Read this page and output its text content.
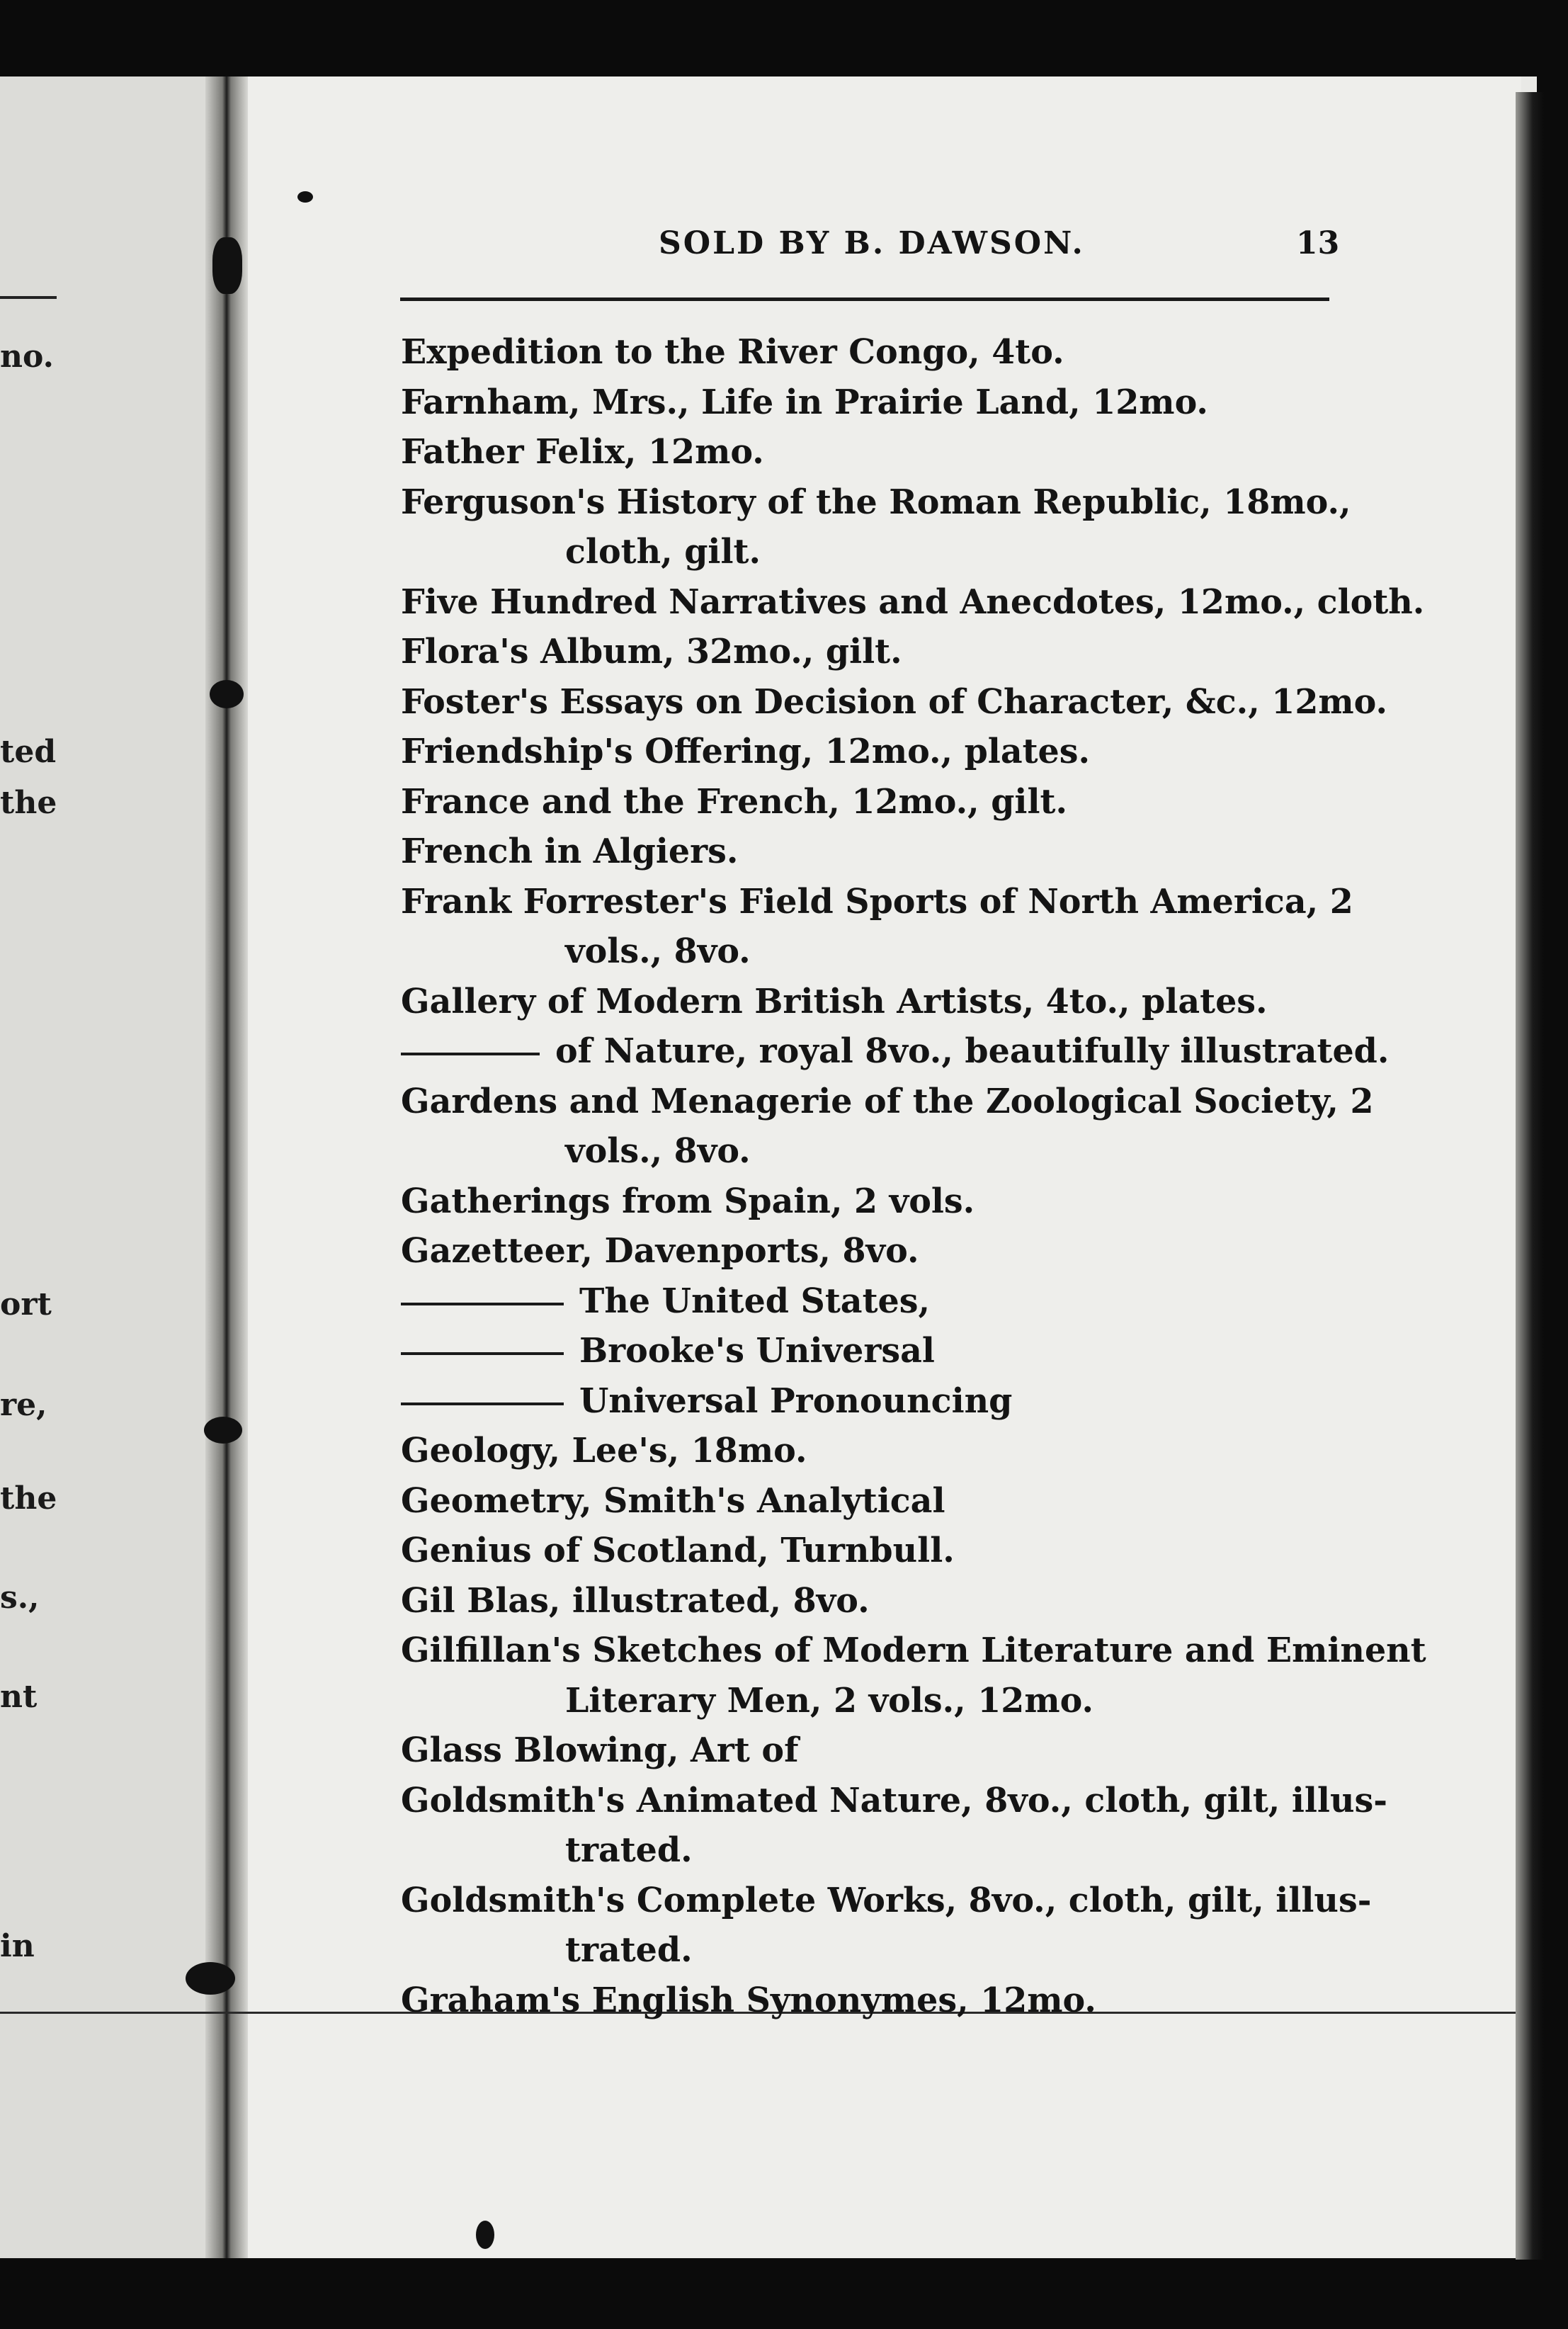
SOLD BY B. DAWSON.	13
Expedition to the River Congo, 4to.
Farnham, Mrs., Life in Prairie Land, 12mo.
Father Felix, 12mo.
Ferguson's History of the Roman Republic, 18mo.,
cloth, gilt.
Five Hundred Narratives and Anecdotes, 12mo., cloth.
Flora's Album, 32mo., gilt.
Foster's Essays on Decision of Character, &c., 12mo.
Friendship's Offering, 12mo., plates.
France and the French, 12mo., gilt.
French in Algiers.
Frank Forrester's Field Sports of North America, 2
vols., 8vo.
Gallery of Modern British Artists, 4to., plates.
of Nature, royal 8vo., beautifully illustrated.
Gardens and Menagerie of the Zoological Society, 2
vols., 8vo.
Gatherings from Spain, 2 vols.
Gazetteer, Davenports, 8vo.
The United States,
Brooke's Universal
Universal Pronouncing
Geology, Lee's, 18mo.
Geometry, Smith's Analytical
Genius of Scotland, Turnbull.
Gil Blas, illustrated, 8vo.
Gilfillan's Sketches of Modern Literature and Eminent
Literary Men, 2 vols., 12mo.
Glass Blowing, Art of
Goldsmith's Animated Nature, 8vo., cloth, gilt, illus-
trated.
Goldsmith's Complete Works, 8vo., cloth, gilt, illus-
trated.
Graham's English Synonymes, 12mo.
no.
ted
the
ort
re,
the
s.,
nt
in
